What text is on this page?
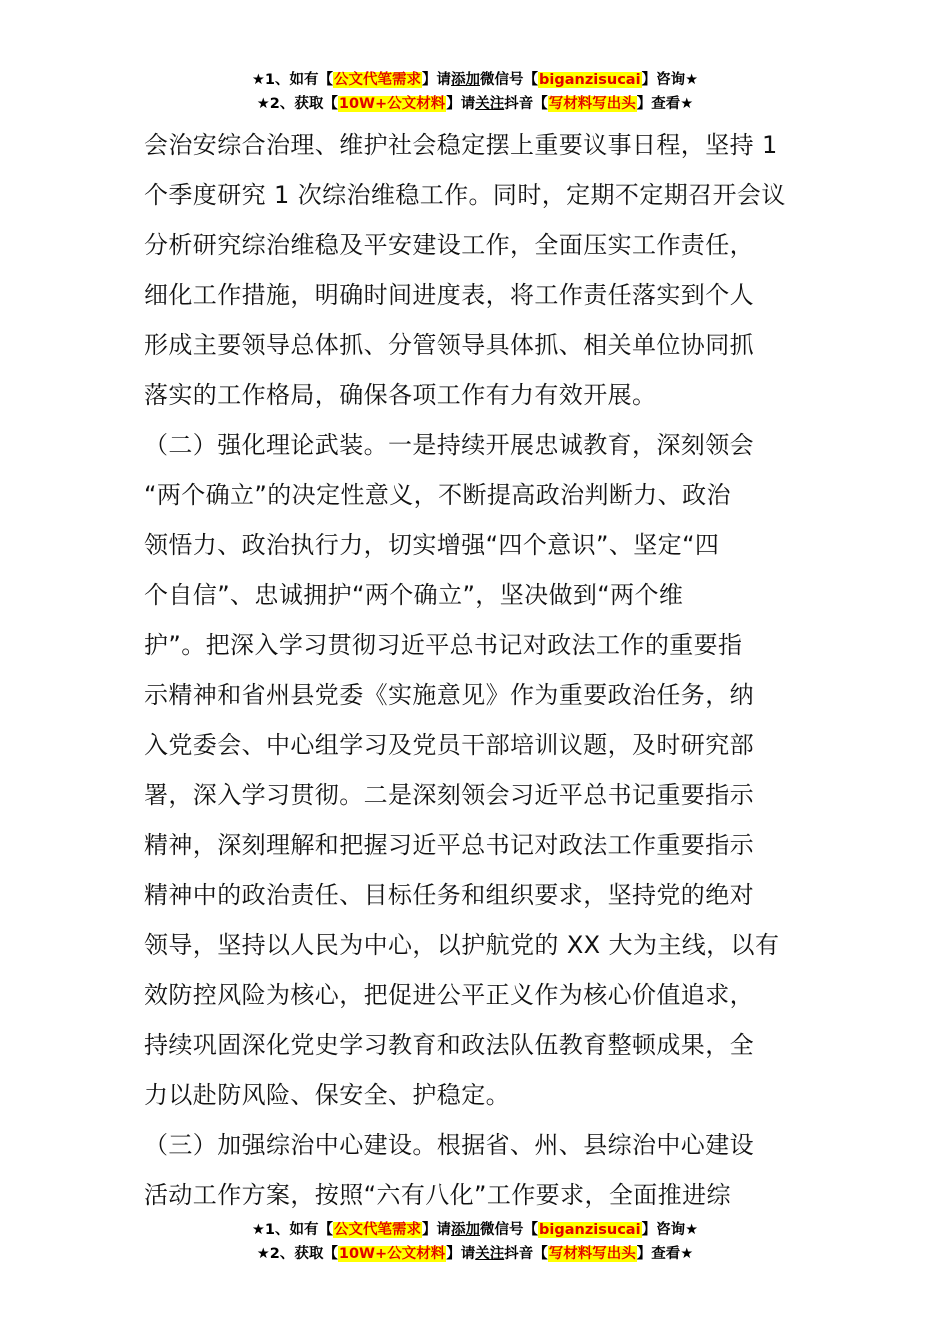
★1、如有【公文代笔需求】请添加微信号【biganzisucai】咨询★
★2、获取【10W+公文材料】请关注抖音【写材料写出头】查看★
会治安综合治理、维护社会稳定摆上重要议事日程，坚持 1
个季度研究 1 次综治维稳工作。同时，定期不定期召开会议
分析研究综治维稳及平安建设工作，全面压实工作责任，
细化工作措施，明确时间进度表，将工作责任落实到个人
形成主要领导总体抓、分管领导具体抓、相关单位协同抓
落实的工作格局，确保各项工作有力有效开展。
（二）强化理论武装。一是持续开展忠诚教育，深刻领会
“两个确立”的决定性意义，不断提高政治判断力、政治
领悟力、政治执行力，切实增强“四个意识”、坚定“四
个自信”、忠诚拥护“两个确立”，坚决做到“两个维
护”。把深入学习贯彻习近平总书记对政法工作的重要指
示精神和省州县党委《实施意见》作为重要政治任务，纳
入党委会、中心组学习及党员干部培训议题，及时研究部
署，深入学习贯彻。二是深刻领会习近平总书记重要指示
精神，深刻理解和把握习近平总书记对政法工作重要指示
精神中的政治责任、目标任务和组织要求，坚持党的绝对
领导，坚持以人民为中心，以护航党的 XX 大为主线，以有
效防控风险为核心，把促进公平正义作为核心价值追求，
持续巩固深化党史学习教育和政法队伍教育整顿成果，全
力以赴防风险、保安全、护稳定。
（三）加强综治中心建设。根据省、州、县综治中心建设
活动工作方案，按照“六有八化”工作要求，全面推进综
★1、如有【公文代笔需求】请添加微信号【biganzisucai】咨询★
★2、获取【10W+公文材料】请关注抖音【写材料写出头】查看★
